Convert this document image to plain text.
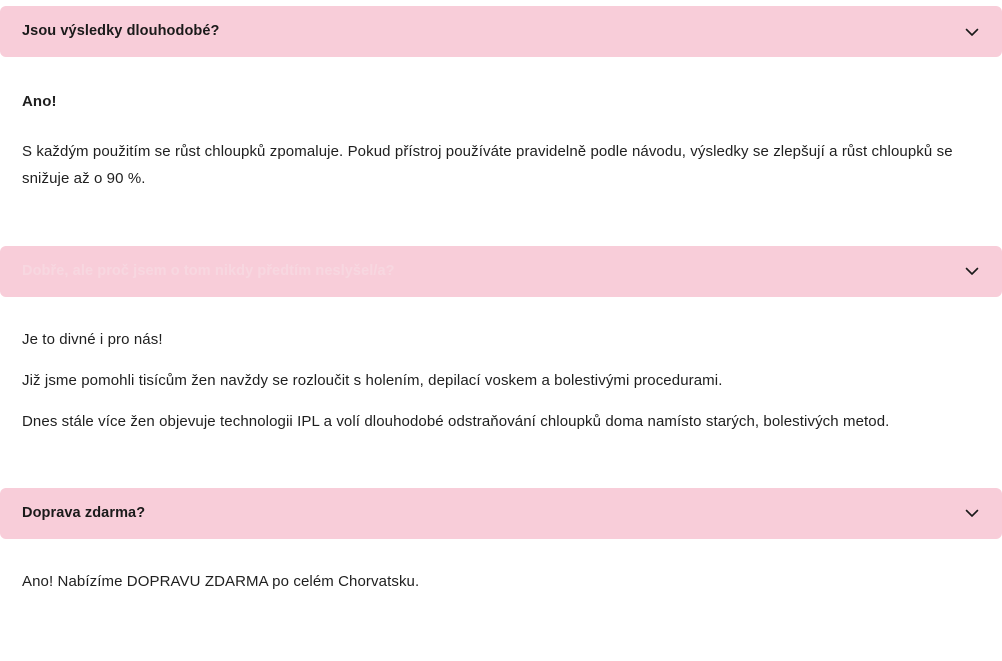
Jsou výsledky dlouhodobé?

Ano!

S každým použitím se růst chloupků zpomaluje. Pokud přístroj používáte pravidelně podle návodu, výsledky se zlepšují a růst chloupků se snižuje až o 90 %.

Dobře, ale proč jsem o tom nikdy předtím neslyšel/a?

Je to divné i pro nás!

Již jsme pomohli tisícům žen navždy se rozloučit s holením, depilací voskem a bolestivými procedurami.

Dnes stále více žen objevuje technologii IPL a volí dlouhodobé odstraňování chloupků doma namísto starých, bolestivých metod.

Doprava zdarma?

Ano! Nabízíme DOPRAVU ZDARMA po celém Chorvatsku.
